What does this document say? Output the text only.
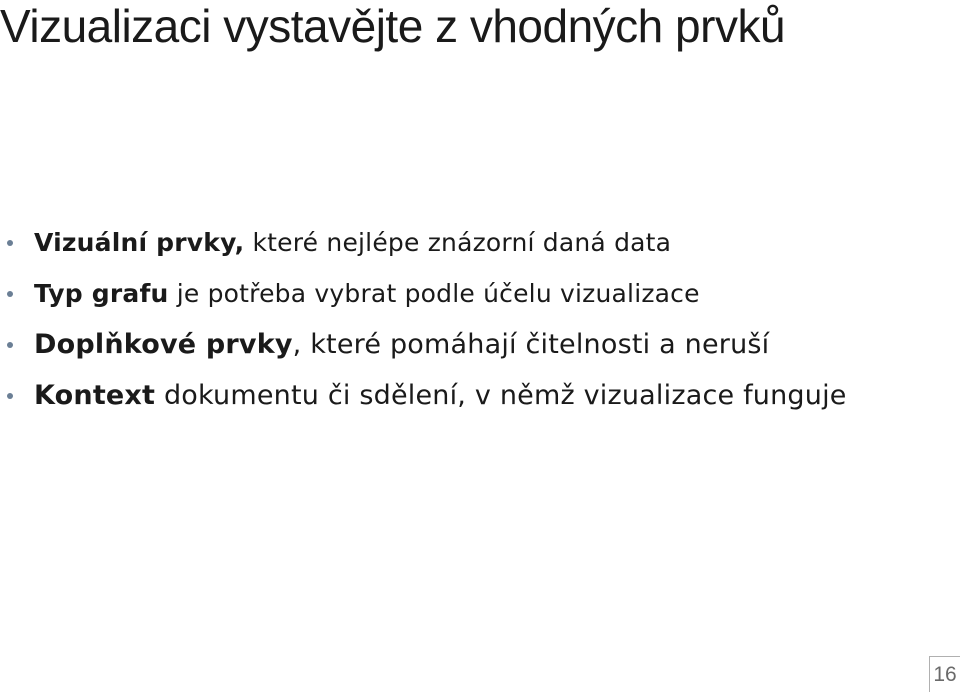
Vizualizaci vystavějte z vhodných prvků
Vizuální prvky, které nejlépe znázorní daná data
Typ grafu je potřeba vybrat podle účelu vizualizace
Doplňkové prvky, které pomáhají čitelnosti a neruší
Kontext dokumentu či sdělení, v němž vizualizace funguje
16
